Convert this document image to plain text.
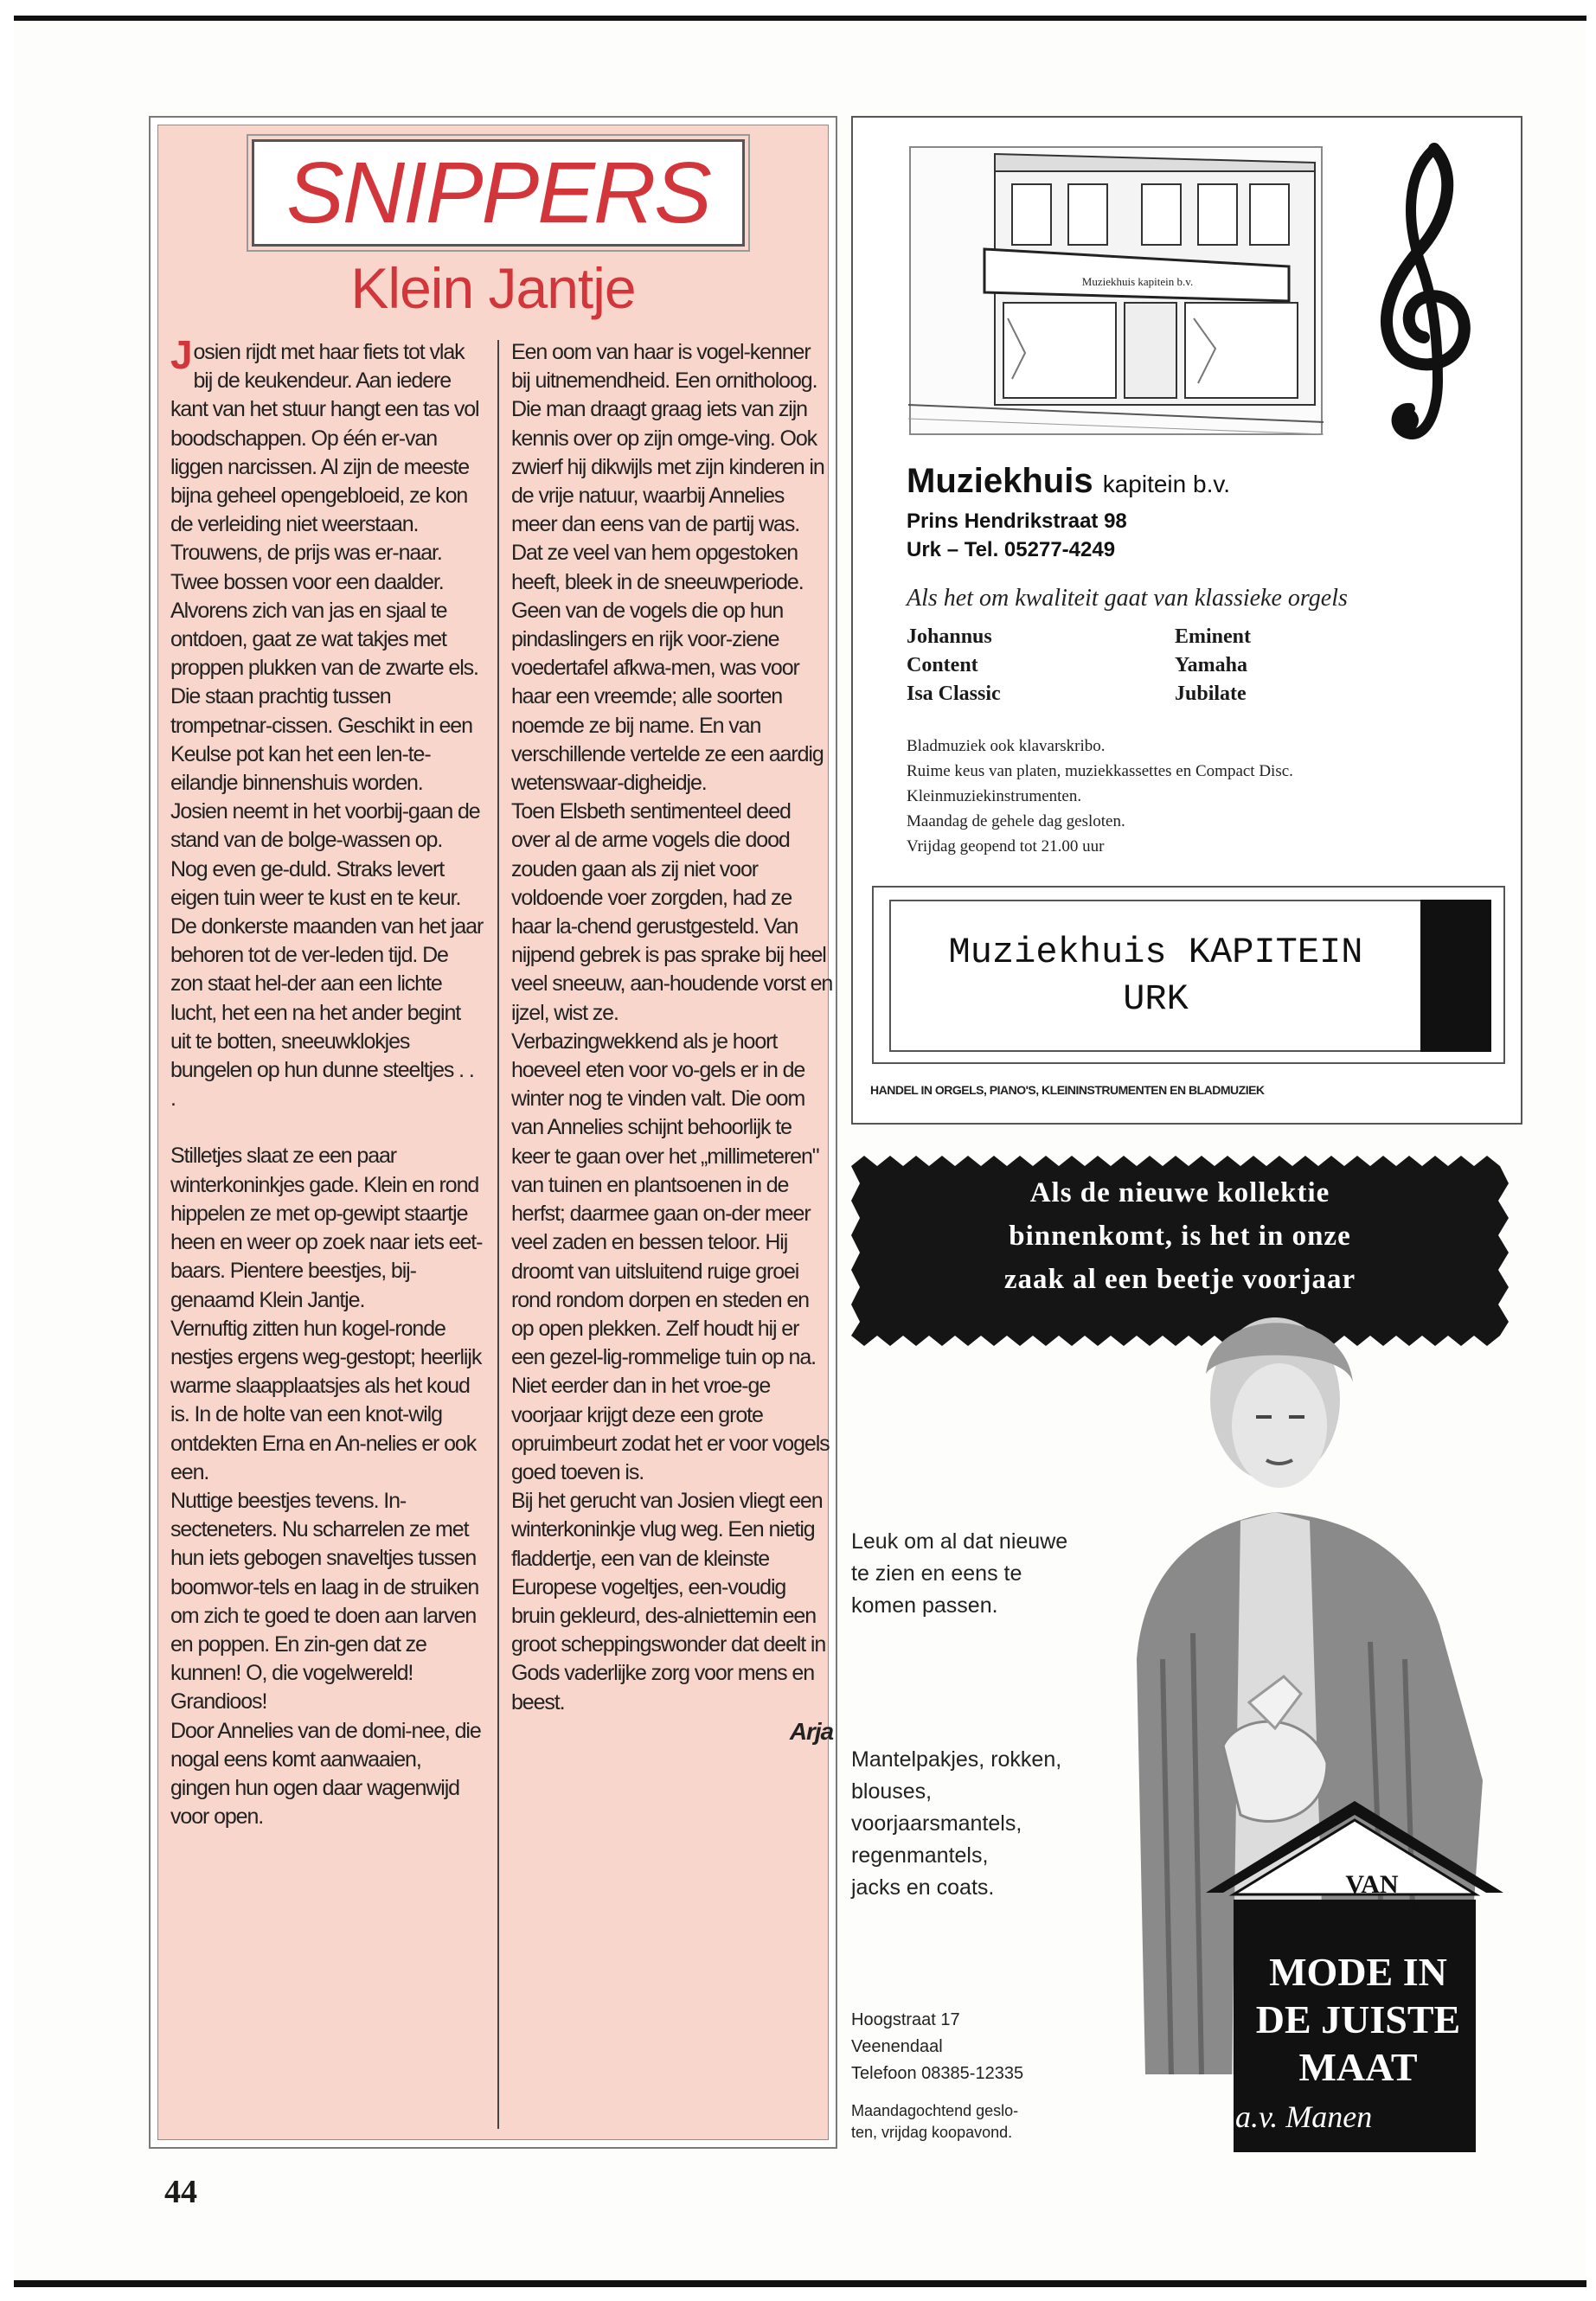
SNIPPERS
Klein Jantje

Josien rijdt met haar fiets tot vlak bij de keukendeur. Aan iedere kant van het stuur hangt een tas vol boodschappen. Op één er-van liggen narcissen. Al zijn de meeste bijna geheel opengebloeid, ze kon de verleiding niet weerstaan. Trouwens, de prijs was er-naar. Twee bossen voor een daalder.

Alvorens zich van jas en sjaal te ontdoen, gaat ze wat takjes met proppen plukken van de zwarte els. Die staan prachtig tussen trompetnar-cissen. Geschikt in een Keulse pot kan het een len-te-eilandje binnenshuis worden.

Josien neemt in het voorbij-gaan de stand van de bolge-wassen op. Nog even ge-duld. Straks levert eigen tuin weer te kust en te keur. De donkerste maanden van het jaar behoren tot de ver-leden tijd. De zon staat hel-der aan een lichte lucht, het een na het ander begint uit te botten, sneeuwklokjes bungelen op hun dunne steeltjes . . .

Stilletjes slaat ze een paar winterkoninkjes gade. Klein en rond hippelen ze met op-gewipt staartje heen en weer op zoek naar iets eet-baars. Pientere beestjes, bij-genaamd Klein Jantje.

Vernuftig zitten hun kogel-ronde nestjes ergens weg-gestopt; heerlijk warme slaapplaatsjes als het koud is. In de holte van een knot-wilg ontdekten Erna en An-nelies er ook een.

Nuttige beestjes tevens. In-secteneters. Nu scharrelen ze met hun iets gebogen snaveltjes tussen boomwor-tels en laag in de struiken om zich te goed te doen aan larven en poppen. En zin-gen dat ze kunnen! O, die vogelwereld! Grandioos!

Door Annelies van de domi-nee, die nogal eens komt aanwaaien, gingen hun ogen daar wagenwijd voor open.

Een oom van haar is vogel-kenner bij uitnemendheid. Een ornitholoog. Die man draagt graag iets van zijn kennis over op zijn omge-ving. Ook zwierf hij dikwijls met zijn kinderen in de vrije natuur, waarbij Annelies meer dan eens van de partij was. Dat ze veel van hem opgestoken heeft, bleek in de sneeuwperiode. Geen van de vogels die op hun pindaslingers en rijk voor-ziene voedertafel afkwa-men, was voor haar een vreemde; alle soorten noemde ze bij name. En van verschillende vertelde ze een aardig wetenswaar-digheidje.

Toen Elsbeth sentimenteel deed over al de arme vogels die dood zouden gaan als zij niet voor voldoende voer zorgden, had ze haar la-chend gerustgesteld. Van nijpend gebrek is pas sprake bij heel veel sneeuw, aan-houdende vorst en ijzel, wist ze.

Verbazingwekkend als je hoort hoeveel eten voor vo-gels er in de winter nog te vinden valt. Die oom van Annelies schijnt behoorlijk te keer te gaan over het „millimeteren" van tuinen en plantsoenen in de herfst; daarmee gaan on-der meer veel zaden en bessen teloor. Hij droomt van uitsluitend ruige groei rond rondom dorpen en steden en op open plekken. Zelf houdt hij er een gezel-lig-rommelige tuin op na. Niet eerder dan in het vroe-ge voorjaar krijgt deze een grote opruimbeurt zodat het er voor vogels goed toeven is.

Bij het gerucht van Josien vliegt een winterkoninkje vlug weg. Een nietig fladdertje, een van de kleinste Europese vogeltjes, een-voudig bruin gekleurd, des-alniettemin een groot scheppingswonder dat deelt in Gods vaderlijke zorg voor mens en beest.

Arja

44
Muziekhuis kapitein b.v.
Muziekhuis kapitein b.v.
Prins Hendrikstraat 98
Urk – Tel. 05277-4249
Als het om kwaliteit gaat van klassieke orgels
Johannus
Content
Isa Classic
Eminent
Yamaha
Jubilate
Bladmuziek ook klavarskribo.
Ruime keus van platen, muziekkassettes en Compact Disc.
Kleinmuziekinstrumenten.
Maandag de gehele dag gesloten.
Vrijdag geopend tot 21.00 uur
Muziekhuis KAPITEIN
URK
HANDEL IN ORGELS, PIANO'S, KLEININSTRUMENTEN EN BLADMUZIEK
Als de nieuwe kollektie
binnenkomt, is het in onze
zaak al een beetje voorjaar
Leuk om al dat nieuwe
te zien en eens te
komen passen.
Mantelpakjes, rokken,
blouses,
voorjaarsmantels,
regenmantels,
jacks en coats.
Hoogstraat 17
Veenendaal
Telefoon 08385-12335
Maandagochtend geslo-
ten, vrijdag koopavond.
VAN
MANEN
MODE IN
DE JUISTE
MAAT
a.v. Manen
